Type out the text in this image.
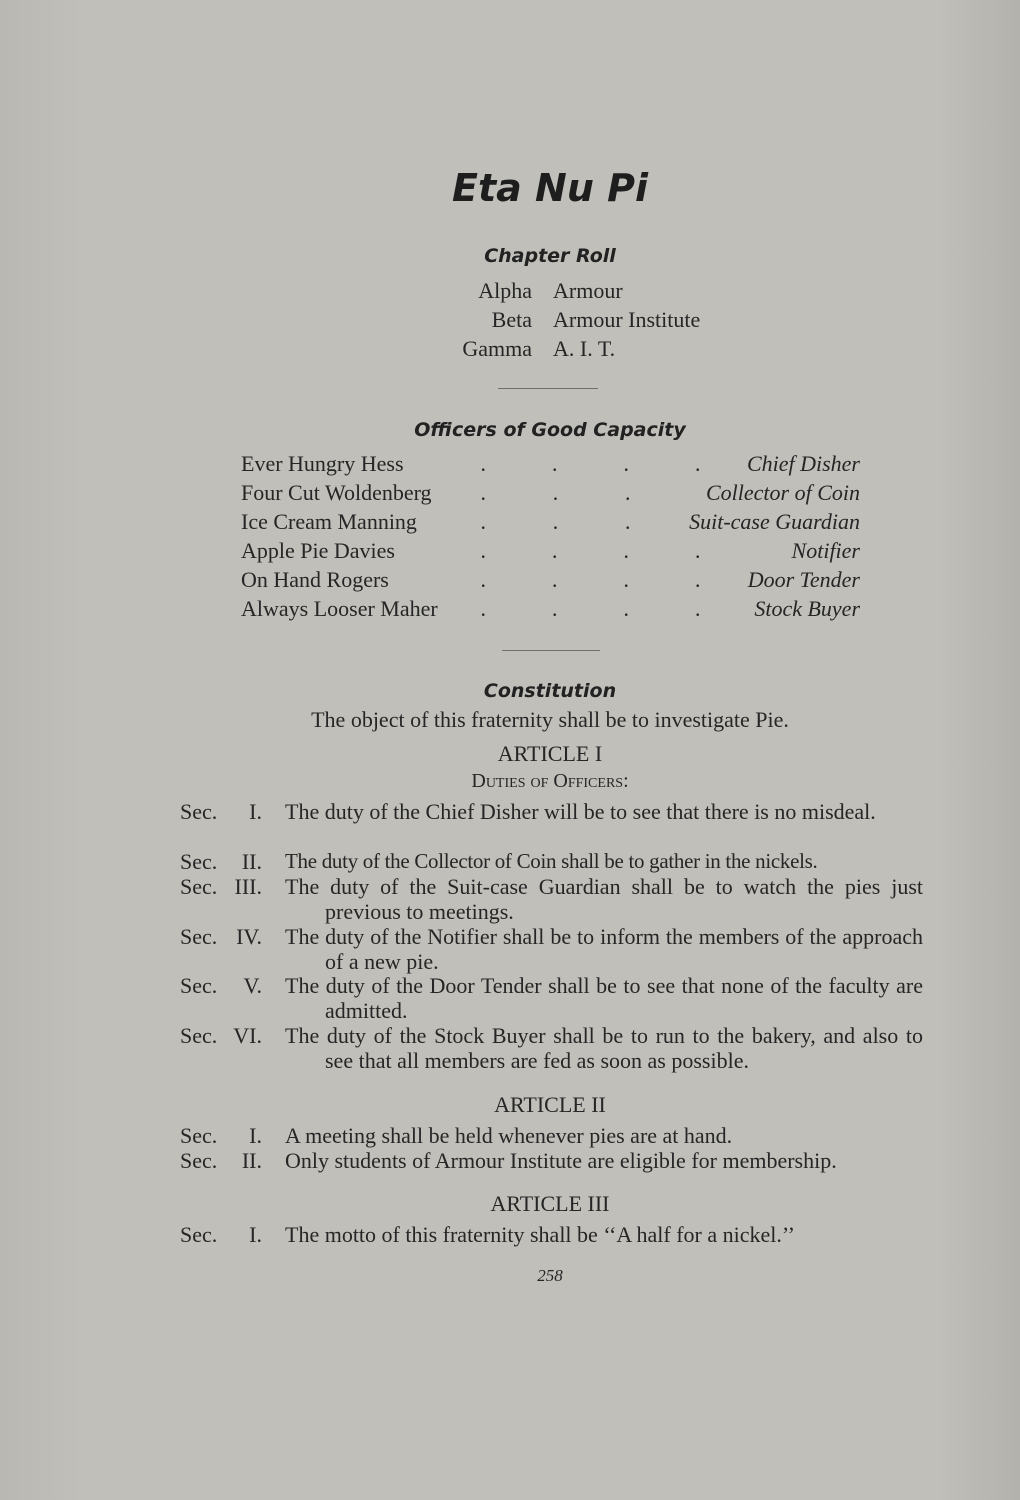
Eta Nu Pi
Chapter Roll
Alpha Armour
Beta Armour Institute
Gamma A. I. T.
Officers of Good Capacity
Ever Hungry Hess	.	.	.	. Chief Disher
Four Cut Woldenberg .	.	.	Collector of Coin
Ice Cream Manning	.	.	.	Suit-case Guardian
Apple Pie Davies	.	.	.	.	Notifier
On Hand Rogers	.	.	.	. Door Tender
Always Looser Maher .	.	.	. Stock Buyer
Constitution
The object of this fraternity shall be to investigate Pie.
ARTICLE I
Duties of Officers:
Sec. I. The duty of the Chief Disher will be to see that there is no misdeal.
Sec. II. The duty of the Collector of Coin shall be to gather in the nickels.
Sec. III. The duty of the Suit-case Guardian shall be to watch the pies just previous to meetings.
Sec. IV. The duty of the Notifier shall be to inform the members of the approach of a new pie.
Sec. V. The duty of the Door Tender shall be to see that none of the faculty are admitted.
Sec. VI. The duty of the Stock Buyer shall be to run to the bakery, and also to see that all members are fed as soon as possible.
ARTICLE II
Sec. I. A meeting shall be held whenever pies are at hand.
Sec. II. Only students of Armour Institute are eligible for membership.
ARTICLE III
Sec. I. The motto of this fraternity shall be ‘‘A half for a nickel.’’
258
